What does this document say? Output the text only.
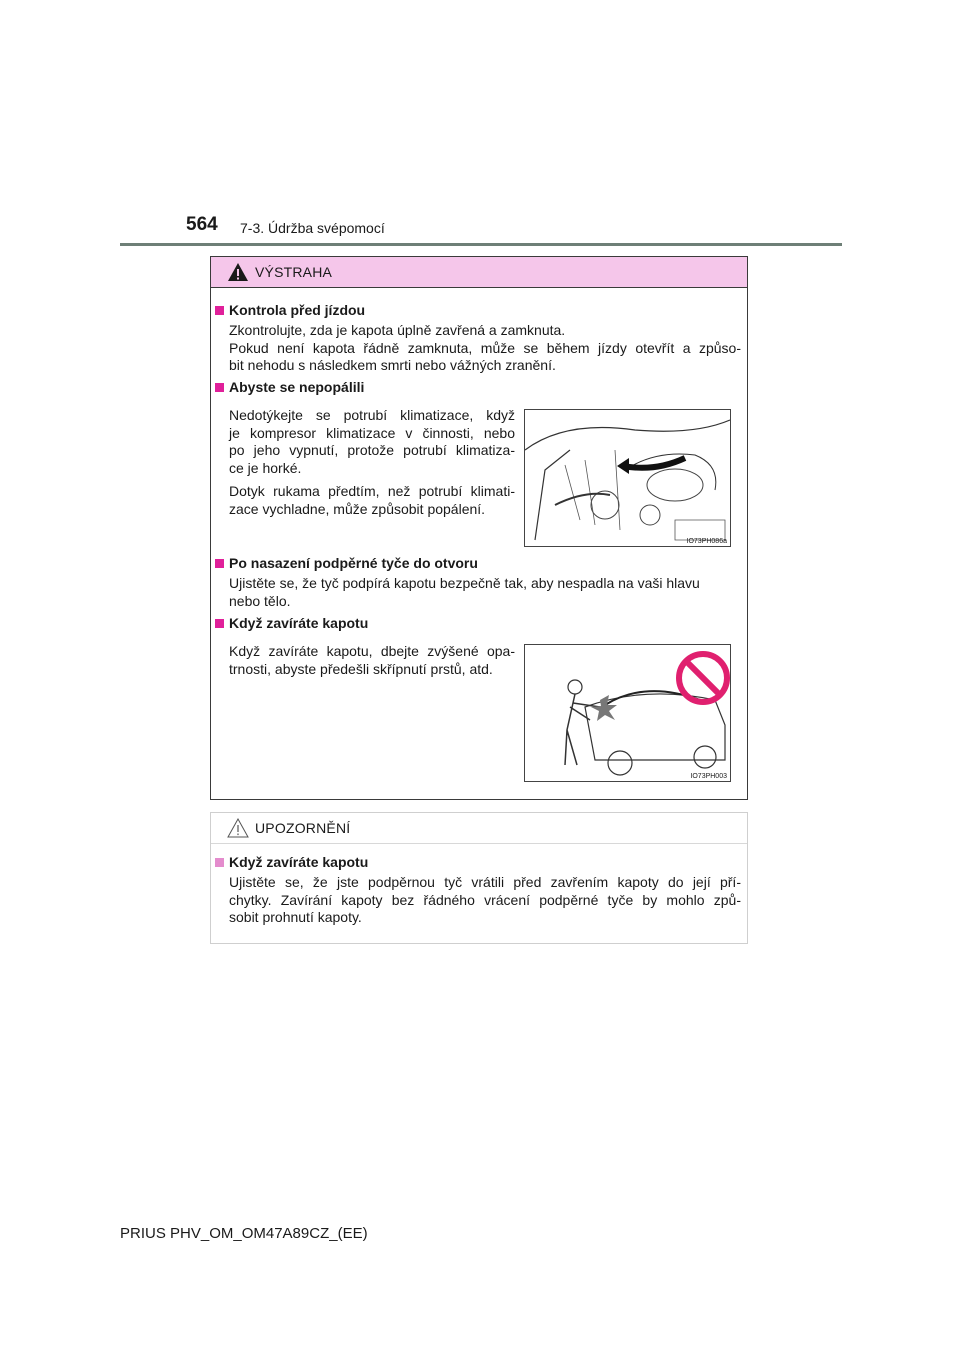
564 7-3. Údržba svépomocí
VÝSTRAHA
Kontrola před jízdou
Zkontrolujte, zda je kapota úplně zavřená a zamknuta.
Pokud není kapota řádně zamknuta, může se během jízdy otevřít a způso-
bit nehodu s následkem smrti nebo vážných zranění.
Abyste se nepopálili
Nedotýkejte se potrubí klimatizace, když
je kompresor klimatizace v činnosti, nebo
po jeho vypnutí, protože potrubí klimatiza-
ce je horké.
Dotyk rukama předtím, než potrubí klimati-
zace vychladne, může způsobit popálení.
IO73PH086a
Po nasazení podpěrné tyče do otvoru
Ujistěte se, že tyč podpírá kapotu bezpečně tak, aby nespadla na vaši hlavu
nebo tělo.
Když zavíráte kapotu
Když zavíráte kapotu, dbejte zvýšené opa-
trnosti, abyste předešli skřípnutí prstů, atd.
IO73PH003
UPOZORNĚNÍ
Když zavíráte kapotu
Ujistěte se, že jste podpěrnou tyč vrátili před zavřením kapoty do její pří-
chytky. Zavírání kapoty bez řádného vrácení podpěrné tyče by mohlo způ-
sobit prohnutí kapoty.
PRIUS PHV_OM_OM47A89CZ_(EE)
